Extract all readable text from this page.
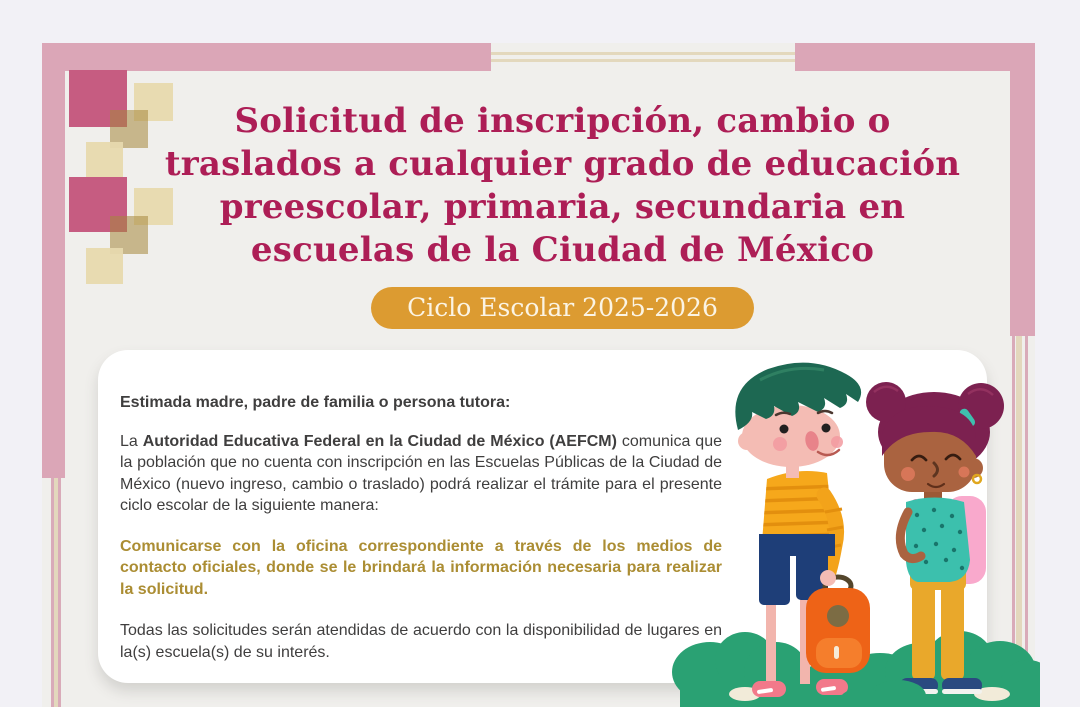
Solicitud de inscripción, cambio o
traslados a cualquier grado de educación
preescolar, primaria, secundaria en
escuelas de la Ciudad de México
Ciclo Escolar 2025-2026

Estimada madre, padre de familia o persona tutora:

La Autoridad Educativa Federal en la Ciudad de México (AEFCM) comunica que la población que no cuenta con inscripción en las Escuelas Públicas de la Ciudad de México (nuevo ingreso, cambio o traslado) podrá realizar el trámite para el presente ciclo escolar de la siguiente manera:

Comunicarse con la oficina correspondiente a través de los medios de contacto oficiales, donde se le brindará la información necesaria para realizar la solicitud.

Todas las solicitudes serán atendidas de acuerdo con la disponibilidad de lugares en la(s) escuela(s) de su interés.
